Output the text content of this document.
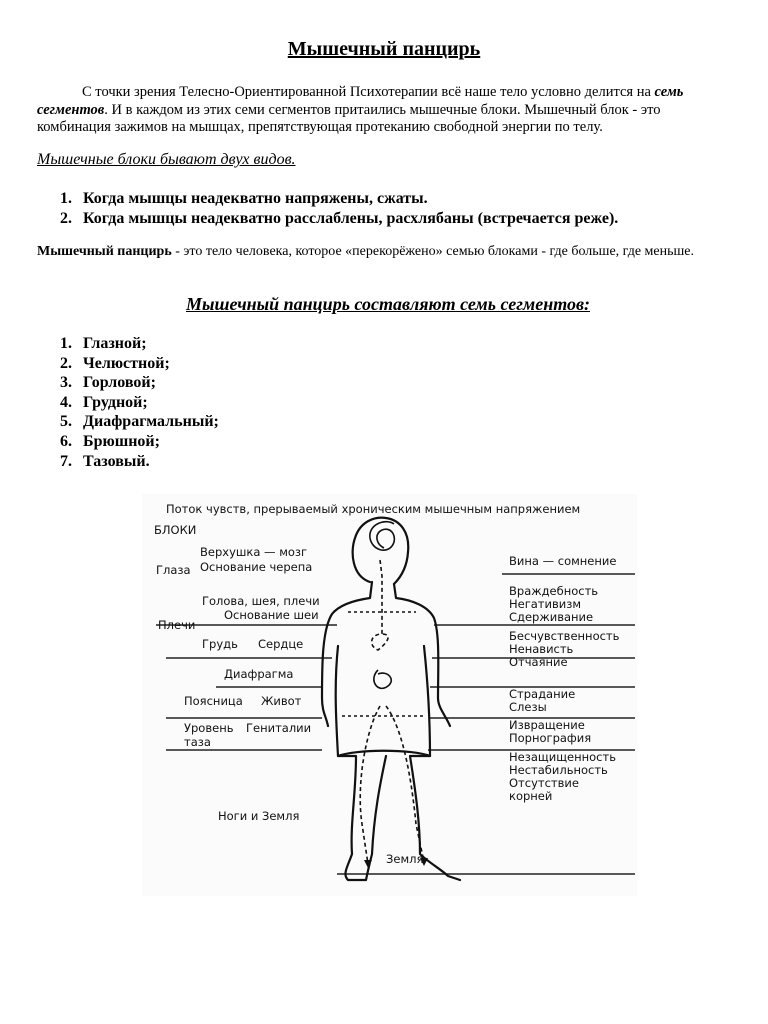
Мышечный панцирь

С точки зрения Телесно-Ориентированной Психотерапии всё наше тело условно делится на семь сегментов. И в каждом из этих семи сегментов притаились мышечные блоки. Мышечный блок - это комбинация зажимов на мышцах, препятствующая протеканию свободной энергии по телу.

Мышечные блоки бывают двух видов.

1. Когда мышцы неадекватно напряжены, сжаты.
2. Когда мышцы неадекватно расслаблены, расхлябаны (встречается реже).

Мышечный панцирь - это тело человека, которое «перекорёжено» семью блоками - где больше, где меньше.

Мышечный панцирь составляют семь сегментов:

1. Глазной;
2. Челюстной;
3. Горловой;
4. Грудной;
5. Диафрагмальный;
6. Брюшной;
7. Тазовый.
Поток чувств, прерываемый хроническим мышечным напряжением
БЛОКИ
Глаза
Плечи
Грудь
Поясница
Уровень
таза
Верхушка — мозг
Основание черепа
Голова, шея, плечи
Основание шеи
Сердце
Диафрагма
Живот
Гениталии
Ноги и Земля
Земля
Вина — сомнение
Враждебность
Негативизм
Сдерживание
Бесчувственность
Ненависть
Отчаяние
Страдание
Слезы
Извращение
Порнография
Незащищенность
Нестабильность
Отсутствие
корней
